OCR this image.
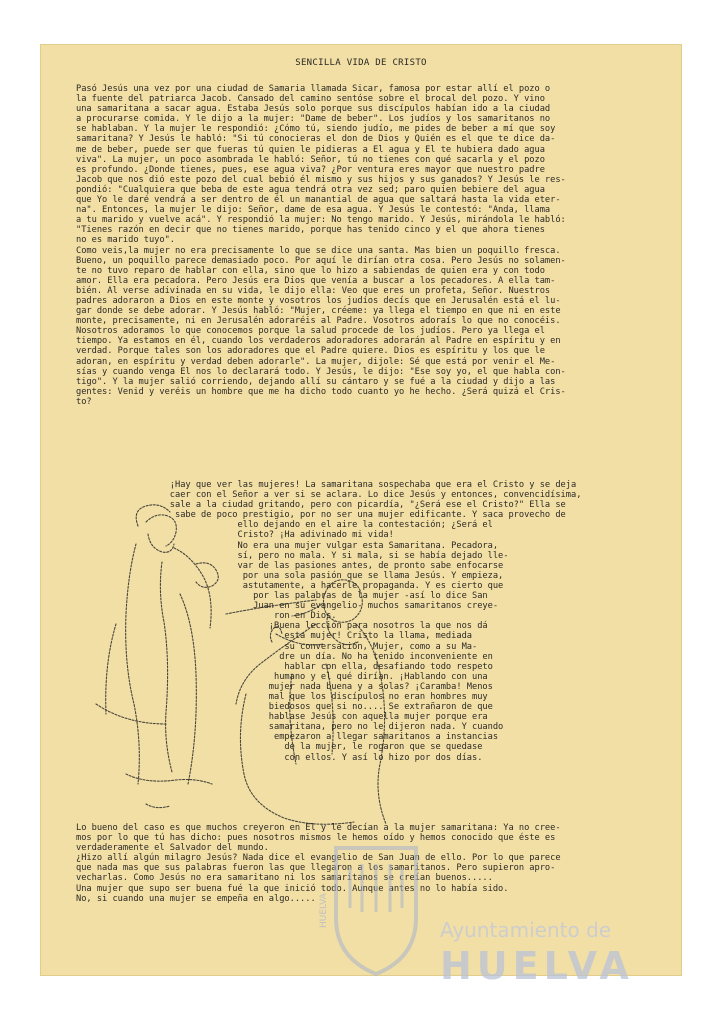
SENCILLA VIDA DE CRISTO
Pasó Jesús una vez por una ciudad de Samaria llamada Sicar, famosa por estar allí el pozo o
la fuente del patriarca Jacob. Cansado del camino sentóse sobre el brocal del pozo. Y vino
una samaritana a sacar agua. Estaba Jesús solo porque sus discípulos habían ido a la ciudad
a procurarse comida. Y le dijo a la mujer: "Dame de beber". Los judíos y los samaritanos no
se hablaban. Y la mujer le respondió: ¿Cómo tú, siendo judío, me pides de beber a mí que soy
samaritana? Y Jesús le habló: "Si tú conocieras el don de Dios y Quién es el que te dice da-
me de beber, puede ser que fueras tú quien le pidieras a El agua y El te hubiera dado agua
viva". La mujer, un poco asombrada le habló: Señor, tú no tienes con qué sacarla y el pozo
es profundo. ¿Donde tienes, pues, ese agua viva? ¿Por ventura eres mayor que nuestro padre
Jacob que nos dió este pozo del cual bebió él mismo y sus hijos y sus ganados? Y Jesús le res-
pondió: "Cualquiera que beba de este agua tendrá otra vez sed; paro quien bebiere del agua
que Yo le daré vendrá a ser dentro de él un manantial de agua que saltará hasta la vida eter-
na". Entonces, la mujer le dijo: Señor, dame de esa agua. Y Jesús le contestó: "Anda, llama
a tu marido y vuelve acá". Y respondió la mujer: No tengo marido. Y Jesús, mirándola le habló:
"Tienes razón en decir que no tienes marido, porque has tenido cinco y el que ahora tienes
no es marido tuyo".
Como veis,la mujer no era precisamente lo que se dice una santa. Mas bien un poquillo fresca.
Bueno, un poquillo parece demasiado poco. Por aquí le dirían otra cosa. Pero Jesús no solamen-
te no tuvo reparo de hablar con ella, sino que lo hizo a sabiendas de quien era y con todo
amor. Ella era pecadora. Pero Jesús era Dios que venía a buscar a los pecadores. A ella tam-
bién. Al verse adivinada en su vida, le dijo ella: Veo que eres un profeta, Señor. Nuestros
padres adoraron a Dios en este monte y vosotros los judíos decís que en Jerusalén está el lu-
gar donde se debe adorar. Y Jesús habló: "Mujer, créeme: ya llega el tiempo en que ni en este
monte, precisamente, ni en Jerusalén adoraréis al Padre. Vosotros adoraís lo que no conocéis.
Nosotros adoramos lo que conocemos porque la salud procede de los judíos. Pero ya llega el
tiempo. Ya estamos en él, cuando los verdaderos adoradores adorarán al Padre en espíritu y en
verdad. Porque tales son los adoradores que el Padre quiere. Dios es espíritu y los que le
adoran, en espíritu y verdad deben adorarle". La mujer, dijole: Sé que está por venir el Me-
sías y cuando venga El nos lo declarará todo. Y Jesús, le dijo: "Ese soy yo, el que habla con-
tigo". Y la mujer salió corriendo, dejando allí su cántaro y se fué a la ciudad y dijo a las
gentes: Venid y veréis un hombre que me ha dicho todo cuanto yo he hecho. ¿Será quizá el Cris-
to?
¡Hay que ver las mujeres! La samaritana sospechaba que era el Cristo y se deja
caer con el Señor a ver si se aclara. Lo dice Jesús y entonces, convencidísima,
sale a la ciudad gritando, pero con picardía, "¿Será ese el Cristo?" Ella se
sabe de poco prestigio, por no ser una mujer edificante. Y saca provecho de
ello dejando en el aire la contestación; ¿Será el
Cristo? ¡Ha adivinado mi vida!
No era una mujer vulgar esta Samaritana. Pecadora,
sí, pero no mala. Y si mala, si se había dejado lle-
var de las pasiones antes, de pronto sabe enfocarse
por una sola pasión que se llama Jesús. Y empieza,
astutamente, a hacerle propaganda. Y es cierto que
por las palabras de la mujer -así lo dice San
Juan en su evangelio- muchos samaritanos creye-
ron en Dios.
¡Buena lección para nosotros la que nos dá
esta mujer! Cristo la llama, mediada
su conversación, Mujer, como a su Ma-
dre un día. No ha tenido inconveniente en
hablar con ella, desafiando todo respeto
humano y el qué dirían. ¡Hablando con una
mujer nada buena y a solas? ¡Caramba! Menos
mal que los discípulos no eran hombres muy
biedosos que si no.... Se extrañaron de que
hablase Jesús con aquella mujer porque era
samaritana, pero no le dijeron nada. Y cuando
empezaron a llegar samaritanos a instancias
de la mujer, le rogaron que se quedase
con ellos. Y así lo hizo por dos días.
Lo bueno del caso es que muchos creyeron en El y le decían a la mujer samaritana: Ya no cree-
mos por lo que tú has dicho: pues nosotros mismos le hemos oído y hemos conocido que éste es
verdaderamente el Salvador del mundo.
¿Hizo allí algún milagro Jesús? Nada dice el evangelio de San Juan de ello. Por lo que parece
que nada mas que sus palabras fueron las que llegaron a los samaritanos. Pero supieron apro-
vecharlas. Como Jesús no era samaritano ni los samaritanos se creían buenos.....
Una mujer que supo ser buena fué la que inició todo. Aunque antes no lo había sido.
No, si cuando una mujer se empeña en algo..... HUELVA
Ayuntamiento de
HUELVA
